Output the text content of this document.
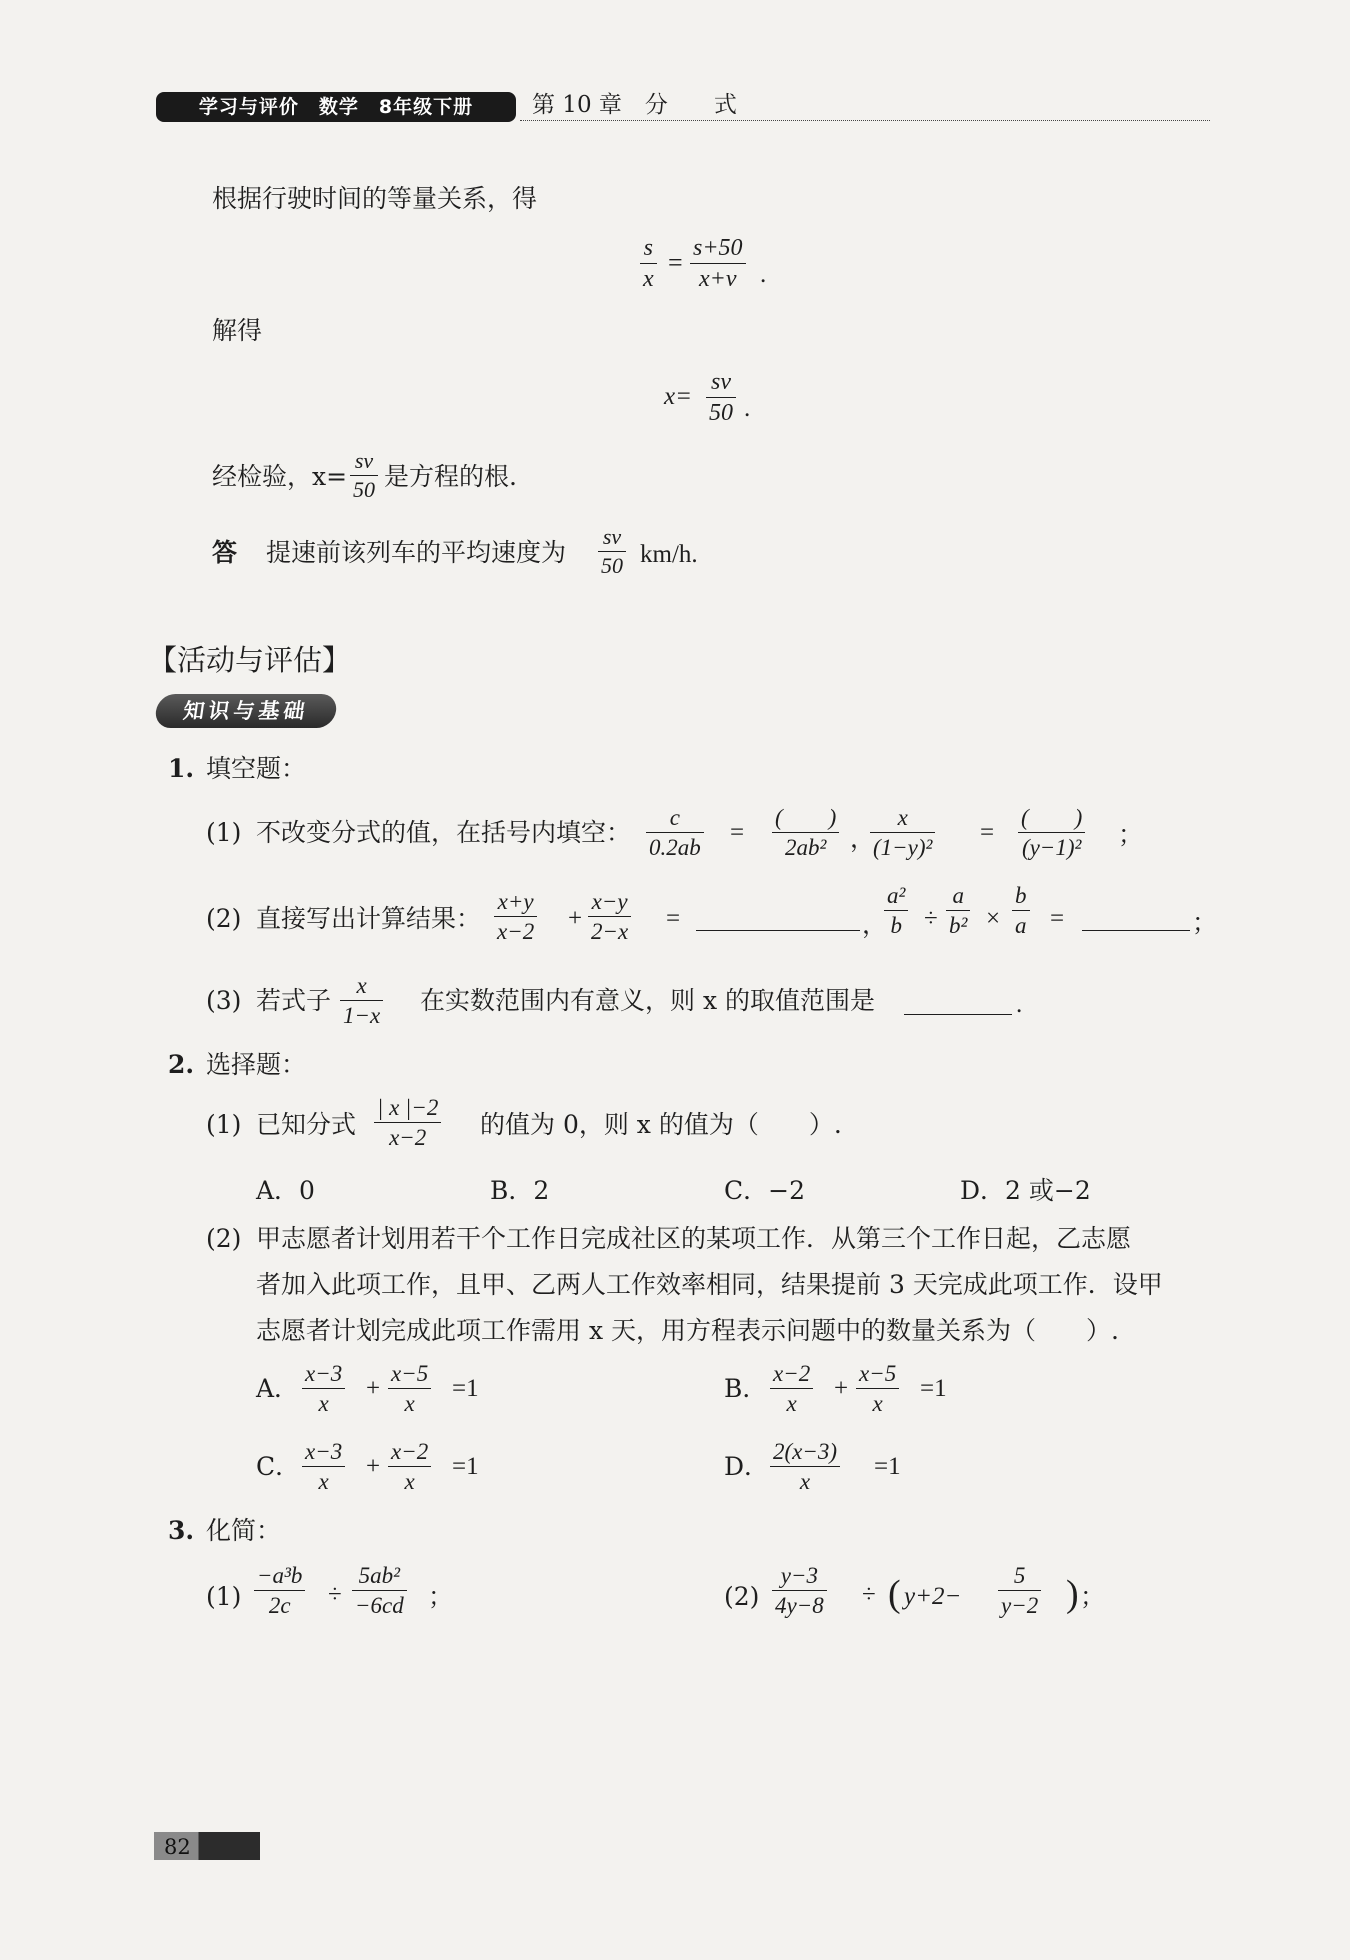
学习与评价　数学　8年级下册	第 10 章　分　　式
根据行驶时间的等量关系，得
$\frac{s}{x} = \frac{s+50}{x+v}$ .
解得
$x= \frac{sv}{50}$ .
经检验，$x= \frac{sv}{50}$ 是方程的根.
答 提速前该列车的平均速度为 $\frac{sv}{50} km/h$.
【活动与评估】
知识与基础
1. 填空题：
(1) 不改变分式的值，在括号内填空： $\frac{c}{0.2ab}$ =
(　　)
2ab² ，
$\frac{x}{\text{(1−y)²}}$ =
(　　)
(y−1)² ；
(2) 直接写出计算结果： $\frac{x+y}{x-2} + \frac{x-y}{2-x}$ =	，
$\frac{\text{a²}}{b} \div \frac{a}{\text{b²}} \times \frac{b}{a}$ =	；
(3) 若式子 $\frac{x}{1-x}$ 在实数范围内有意义，则 x 的取值范围是	.
2. 选择题：
(1) 已知分式 $\frac{| x |-2}{x-2}$ 的值为 0，则 x 的值为（　　）.
A．0	B．2	C．−2	D．2 或−2
(2) 甲志愿者计划用若干个工作日完成社区的某项工作．从第三个工作日起，乙志愿
者加入此项工作，且甲、乙两人工作效率相同，结果提前 3 天完成此项工作．设甲
志愿者计划完成此项工作需用 x 天，用方程表示问题中的数量关系为（　　）.
A． $\frac{x-3}{x} + \frac{x-5}{x} =1$	B． $\frac{x-2}{x} + \frac{x-5}{x} =1$
C． $\frac{x-3}{x} + \frac{x-2}{x} =1$	D． $\frac{2(x-3)}{x} =1$
3. 化简：
$(1) \frac{\text{−a³b}}{2c} \div \frac{\text{5ab²}}{-6cd}$ ；	$(2) \frac{y-3}{4y-8}$ ÷ ( $y+2- \frac{5}{y-2}$ ) ；
82
